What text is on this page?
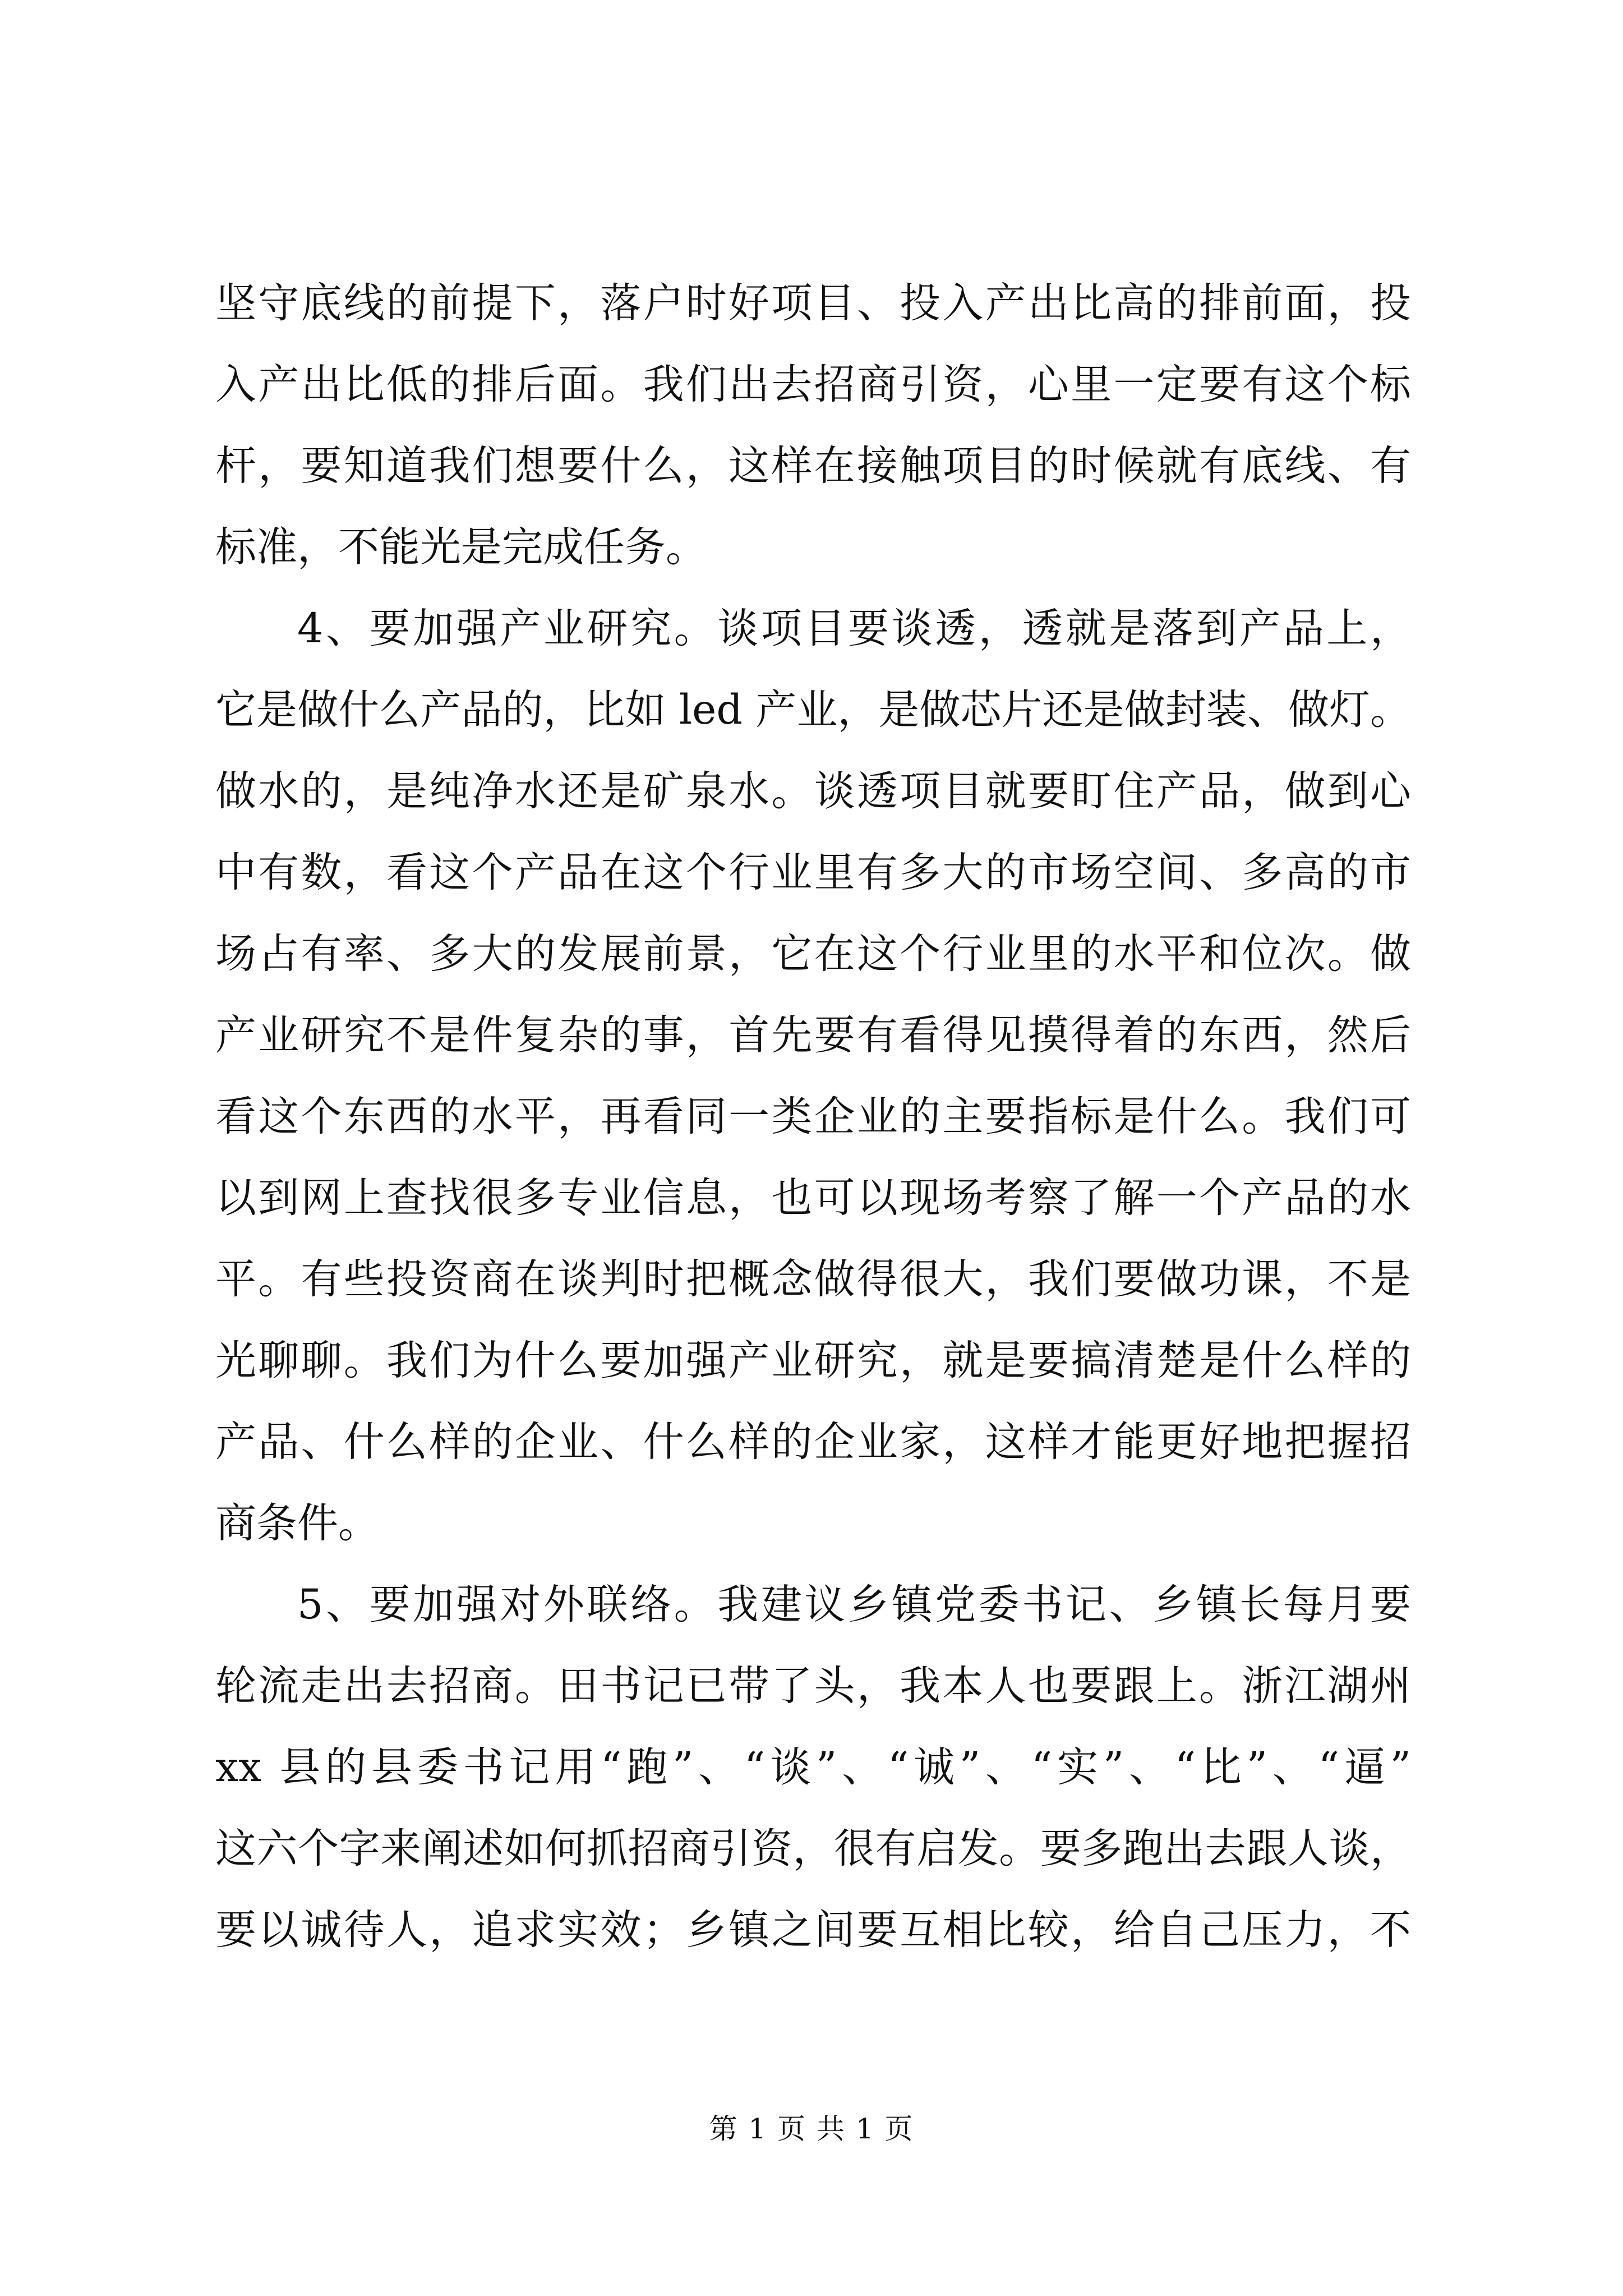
坚守底线的前提下，落户时好项目、投入产出比高的排前面，投
入产出比低的排后面。我们出去招商引资，心里一定要有这个标
杆，要知道我们想要什么，这样在接触项目的时候就有底线、有
标准，不能光是完成任务。
4、要加强产业研究。谈项目要谈透，透就是落到产品上，
它是做什么产品的，比如 led 产业，是做芯片还是做封装、做灯。
做水的，是纯净水还是矿泉水。谈透项目就要盯住产品，做到心
中有数，看这个产品在这个行业里有多大的市场空间、多高的市
场占有率、多大的发展前景，它在这个行业里的水平和位次。做
产业研究不是件复杂的事，首先要有看得见摸得着的东西，然后
看这个东西的水平，再看同一类企业的主要指标是什么。我们可
以到网上查找很多专业信息，也可以现场考察了解一个产品的水
平。有些投资商在谈判时把概念做得很大，我们要做功课，不是
光聊聊。我们为什么要加强产业研究，就是要搞清楚是什么样的
产品、什么样的企业、什么样的企业家，这样才能更好地把握招
商条件。
5、要加强对外联络。我建议乡镇党委书记、乡镇长每月要
轮流走出去招商。田书记已带了头，我本人也要跟上。浙江湖州
xx 县的县委书记用“跑”、“谈”、“诚”、“实”、“比”、“逼”
这六个字来阐述如何抓招商引资，很有启发。要多跑出去跟人谈，
要以诚待人，追求实效；乡镇之间要互相比较，给自己压力，不
第 1 页 共 1 页
